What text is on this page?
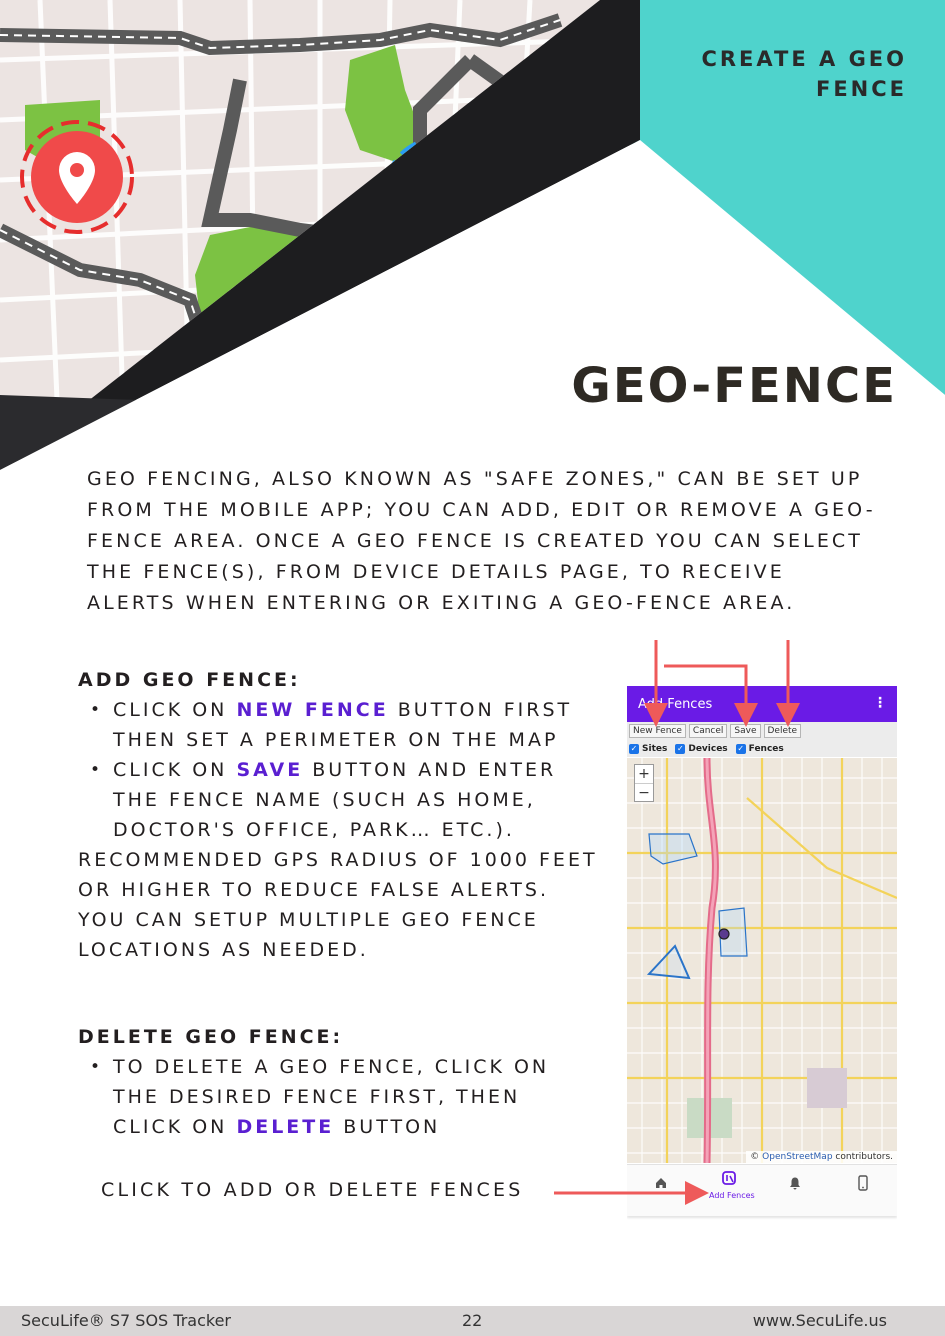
CREATE A GEO
FENCE
GEO-FENCE

GEO FENCING, ALSO KNOWN AS "SAFE ZONES," CAN BE SET UP FROM THE MOBILE APP; YOU CAN ADD, EDIT OR REMOVE A GEO-FENCE AREA. ONCE A GEO FENCE IS CREATED YOU CAN SELECT THE FENCE(S), FROM DEVICE DETAILS PAGE, TO RECEIVE ALERTS WHEN ENTERING OR EXITING A GEO-FENCE AREA.

ADD GEO FENCE:
• CLICK ON NEW FENCE BUTTON FIRST THEN SET A PERIMETER ON THE MAP
• CLICK ON SAVE BUTTON AND ENTER THE FENCE NAME (SUCH AS HOME, DOCTOR'S OFFICE, PARK… ETC.).
RECOMMENDED GPS RADIUS OF 1000 FEET OR HIGHER TO REDUCE FALSE ALERTS.
YOU CAN SETUP MULTIPLE GEO FENCE LOCATIONS AS NEEDED.
DELETE GEO FENCE:
• TO DELETE A GEO FENCE, CLICK ON THE DESIRED FENCE FIRST, THEN CLICK ON DELETE BUTTON
CLICK TO ADD OR DELETE FENCES
Add Fences	⋮
New Fence	Cancel	Save	Delete
✓ Sites ✓ Devices ✓ Fences
+
−
© OpenStreetMap contributors.
Add Fences
SecuLife® S7 SOS Tracker	22	www.SecuLife.us
